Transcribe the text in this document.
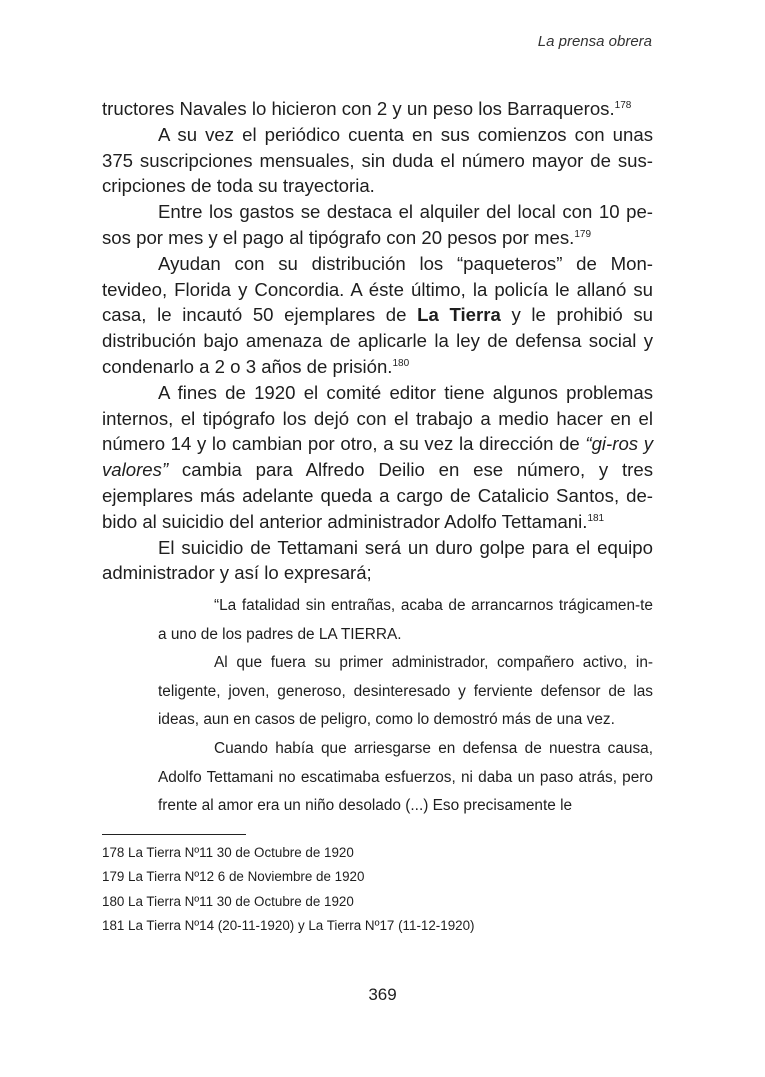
La prensa obrera

tructores Navales lo hicieron con 2 y un peso los Barraqueros.$^{178}$

A su vez el periódico cuenta en sus comienzos con unas 375 suscripciones mensuales, sin duda el número mayor de sus-cripciones de toda su trayectoria.

Entre los gastos se destaca el alquiler del local con 10 pe-sos por mes y el pago al tipógrafo con 20 pesos por mes.$^{179}$

Ayudan con su distribución los “paqueteros” de Mon-tevideo, Florida y Concordia. A éste último, la policía le allanó su casa, le incautó 50 ejemplares de La Tierra y le prohibió su distribución bajo amenaza de aplicarle la ley de defensa social y condenarlo a 2 o 3 años de prisión.$^{180}$

A fines de 1920 el comité editor tiene algunos problemas internos, el tipógrafo los dejó con el trabajo a medio hacer en el número 14 y lo cambian por otro, a su vez la dirección de “gi-ros y valores” cambia para Alfredo Deilio en ese número, y tres ejemplares más adelante queda a cargo de Catalicio Santos, de-bido al suicidio del anterior administrador Adolfo Tettamani.$^{181}$

El suicidio de Tettamani será un duro golpe para el equipo administrador y así lo expresará;

“La fatalidad sin entrañas, acaba de arrancarnos trágicamen-te a uno de los padres de LA TIERRA.

Al que fuera su primer administrador, compañero activo, in-teligente, joven, generoso, desinteresado y ferviente defensor de las ideas, aun en casos de peligro, como lo demostró más de una vez.

Cuando había que arriesgarse en defensa de nuestra causa, Adolfo Tettamani no escatimaba esfuerzos, ni daba un paso atrás, pero frente al amor era un niño desolado (...) Eso precisamente le

178 La Tierra Nº11 30 de Octubre de 1920
179 La Tierra Nº12 6 de Noviembre de 1920
180 La Tierra Nº11 30 de Octubre de 1920
181 La Tierra Nº14 (20-11-1920) y La Tierra Nº17 (11-12-1920)
369
